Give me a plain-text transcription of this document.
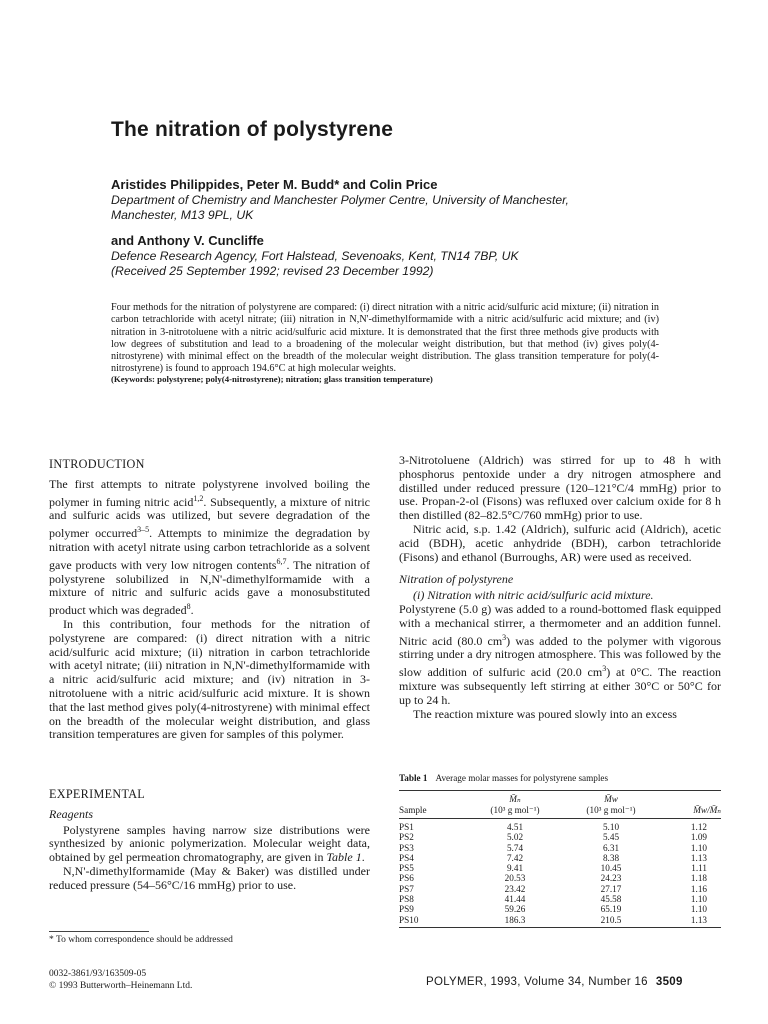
The nitration of polystyrene
Aristides Philippides, Peter M. Budd* and Colin Price
Department of Chemistry and Manchester Polymer Centre, University of Manchester,
Manchester, M13 9PL, UK
and Anthony V. Cuncliffe
Defence Research Agency, Fort Halstead, Sevenoaks, Kent, TN14 7BP, UK
(Received 25 September 1992; revised 23 December 1992)
Four methods for the nitration of polystyrene are compared: (i) direct nitration with a nitric acid/sulfuric acid mixture; (ii) nitration in carbon tetrachloride with acetyl nitrate; (iii) nitration in N,N'-dimethylformamide with a nitric acid/sulfuric acid mixture; and (iv) nitration in 3-nitrotoluene with a nitric acid/sulfuric acid mixture. It is demonstrated that the first three methods give products with low degrees of substitution and lead to a broadening of the molecular weight distribution, but that method (iv) gives poly(4-nitrostyrene) with minimal effect on the breadth of the molecular weight distribution. The glass transition temperature for poly(4-nitrostyrene) is found to approach 194.6°C at high molecular weights.
(Keywords: polystyrene; poly(4-nitrostyrene); nitration; glass transition temperature)

INTRODUCTION

The first attempts to nitrate polystyrene involved boiling the polymer in fuming nitric acid$^{1,2}$. Subsequently, a mixture of nitric and sulfuric acids was utilized, but severe degradation of the polymer occurred$^{3-5}$. Attempts to minimize the degradation by nitration with acetyl nitrate using carbon tetrachloride as a solvent gave products with very low nitrogen contents$^{6,7}$. The nitration of polystyrene solubilized in N,N'-dimethylformamide with a mixture of nitric and sulfuric acids gave a monosubstituted product which was degraded$^8$.

In this contribution, four methods for the nitration of polystyrene are compared: (i) direct nitration with a nitric acid/sulfuric acid mixture; (ii) nitration in carbon tetrachloride with acetyl nitrate; (iii) nitration in N,N'-dimethylformamide with a nitric acid/sulfuric acid mixture; and (iv) nitration in 3-nitrotoluene with a nitric acid/sulfuric acid mixture. It is shown that the last method gives poly(4-nitrostyrene) with minimal effect on the breadth of the molecular weight distribution, and glass transition temperatures are given for samples of this polymer.

EXPERIMENTAL

Reagents

Polystyrene samples having narrow size distributions were synthesized by anionic polymerization. Molecular weight data, obtained by gel permeation chromatography, are given in Table 1.

N,N'-dimethylformamide (May & Baker) was distilled under reduced pressure (54–56°C/16 mmHg) prior to use.

3-Nitrotoluene (Aldrich) was stirred for up to 48 h with phosphorus pentoxide under a dry nitrogen atmosphere and distilled under reduced pressure (120–121°C/4 mmHg) prior to use. Propan-2-ol (Fisons) was refluxed over calcium oxide for 8 h then distilled (82–82.5°C/760 mmHg) prior to use.

Nitric acid, s.p. 1.42 (Aldrich), sulfuric acid (Aldrich), acetic acid (BDH), acetic anhydride (BDH), carbon tetrachloride (Fisons) and ethanol (Burroughs, AR) were used as received.

Nitration of polystyrene

(i) Nitration with nitric acid/sulfuric acid mixture.

Polystyrene (5.0 g) was added to a round-bottomed flask equipped with a mechanical stirrer, a thermometer and an addition funnel. Nitric acid (80.0 $cm^3$) was added to the polymer with vigorous stirring under a dry nitrogen atmosphere. This was followed by the slow addition of sulfuric acid (20.0 $cm^3$) at 0°C. The reaction mixture was subsequently left stirring at either 30°C or 50°C for up to 24 h.

The reaction mixture was poured slowly into an excess

Table 1 Average molar masses for polystyrene samples
	M̄ₙ	M̄w	
Sample	(10³ g mol⁻¹)	(10³ g mol⁻¹)	M̄w/M̄ₙ
PS1	4.51	5.10	1.12
PS2	5.02	5.45	1.09
PS3	5.74	6.31	1.10
PS4	7.42	8.38	1.13
PS5	9.41	10.45	1.11
PS6	20.53	24.23	1.18
PS7	23.42	27.17	1.16
PS8	41.44	45.58	1.10
PS9	59.26	65.19	1.10
PS10	186.3	210.5	1.13
* To whom correspondence should be addressed
0032-3861/93/163509-05
© 1993 Butterworth–Heinemann Ltd.	POLYMER, 1993, Volume 34, Number 16 3509
